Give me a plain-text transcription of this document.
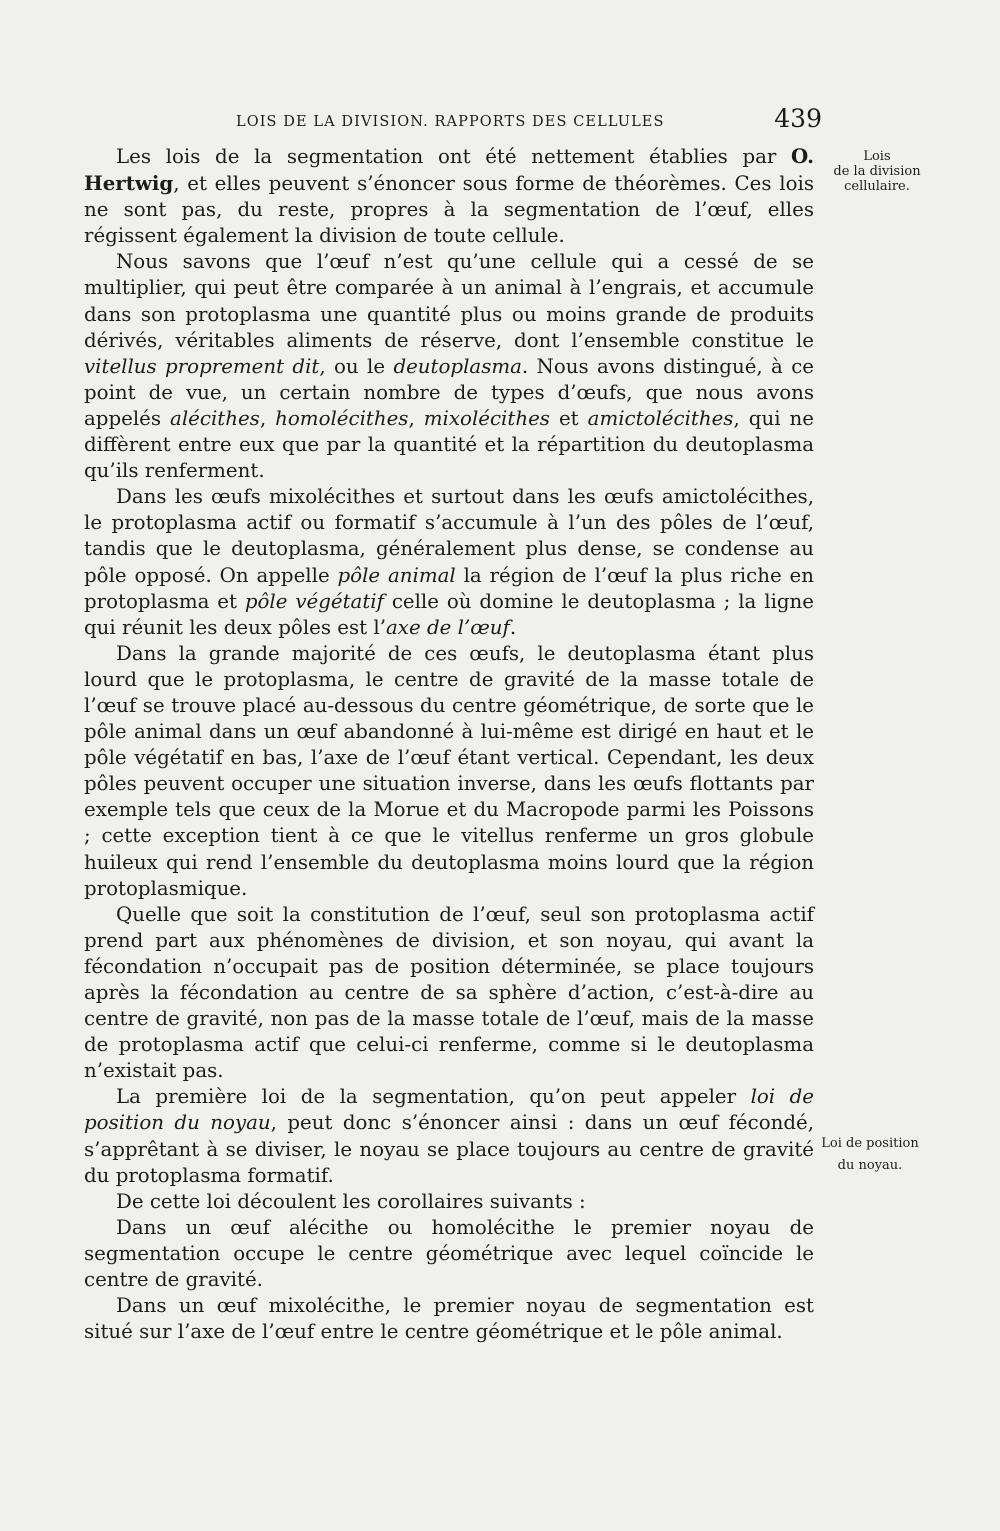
LOIS DE LA DIVISION. RAPPORTS DES CELLULES	439
Lois
de la division
cellulaire.
Loi de position
du noyau.

Les lois de la segmentation ont été nettement établies par O. Hertwig, et elles peuvent s’énoncer sous forme de théorèmes. Ces lois ne sont pas, du reste, propres à la segmentation de l’œuf, elles régissent également la division de toute cellule.

Nous savons que l’œuf n’est qu’une cellule qui a cessé de se multiplier, qui peut être comparée à un animal à l’engrais, et accumule dans son protoplasma une quantité plus ou moins grande de produits dérivés, véritables aliments de réserve, dont l’ensemble constitue le vitellus proprement dit, ou le deutoplasma. Nous avons distingué, à ce point de vue, un certain nombre de types d’œufs, que nous avons appelés alécithes, homolécithes, mixolécithes et amictolécithes, qui ne diffèrent entre eux que par la quantité et la répartition du deutoplasma qu’ils renferment.

Dans les œufs mixolécithes et surtout dans les œufs amictolécithes, le protoplasma actif ou formatif s’accumule à l’un des pôles de l’œuf, tandis que le deutoplasma, généralement plus dense, se condense au pôle opposé. On appelle pôle animal la région de l’œuf la plus riche en protoplasma et pôle végétatif celle où domine le deutoplasma ; la ligne qui réunit les deux pôles est l’axe de l’œuf.

Dans la grande majorité de ces œufs, le deutoplasma étant plus lourd que le protoplasma, le centre de gravité de la masse totale de l’œuf se trouve placé au-dessous du centre géométrique, de sorte que le pôle animal dans un œuf abandonné à lui-même est dirigé en haut et le pôle végétatif en bas, l’axe de l’œuf étant vertical. Cependant, les deux pôles peuvent occuper une situation inverse, dans les œufs flottants par exemple tels que ceux de la Morue et du Macropode parmi les Poissons ; cette exception tient à ce que le vitellus renferme un gros globule huileux qui rend l’ensemble du deutoplasma moins lourd que la région protoplasmique.

Quelle que soit la constitution de l’œuf, seul son protoplasma actif prend part aux phénomènes de division, et son noyau, qui avant la fécondation n’occupait pas de position déterminée, se place toujours après la fécondation au centre de sa sphère d’action, c’est-à-dire au centre de gravité, non pas de la masse totale de l’œuf, mais de la masse de protoplasma actif que celui-ci renferme, comme si le deutoplasma n’existait pas.

La première loi de la segmentation, qu’on peut appeler loi de position du noyau, peut donc s’énoncer ainsi : dans un œuf fécondé, s’apprêtant à se diviser, le noyau se place toujours au centre de gravité du protoplasma formatif.

De cette loi découlent les corollaires suivants :

Dans un œuf alécithe ou homolécithe le premier noyau de segmentation occupe le centre géométrique avec lequel coïncide le centre de gravité.

Dans un œuf mixolécithe, le premier noyau de segmentation est situé sur l’axe de l’œuf entre le centre géométrique et le pôle animal.
